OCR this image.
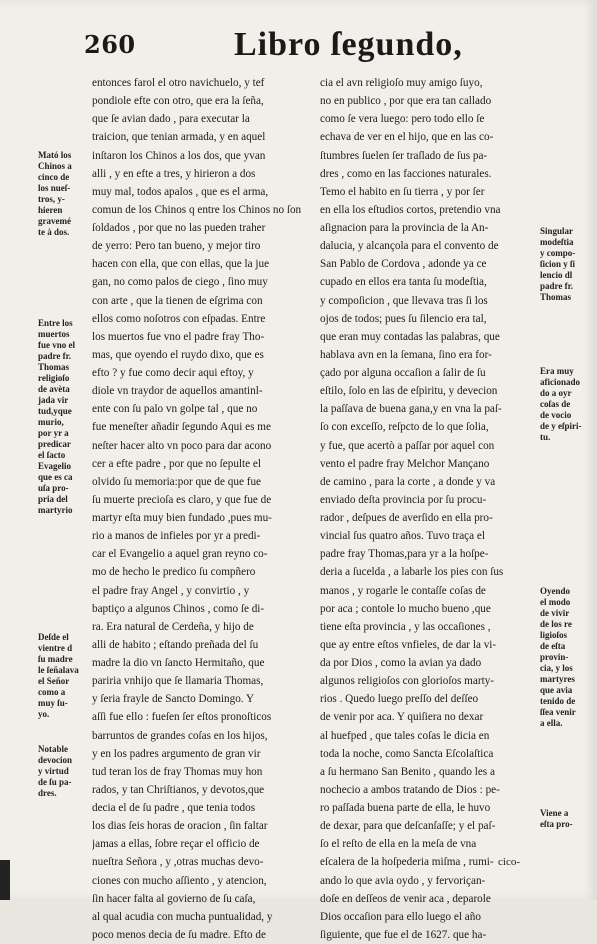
260	Libro ſegundo,
Mató los
Chinos a
cinco de
los nueſ-
tros, y-
hieren
gravemé
te à dos.
Entre los
muertos
fue vno el
padre fr.
Thomas
religioſo
de avèta
jada vir
tud,yque
murio,
por yr a
predicar
el ſacto
Evagelio
que es ca
uſa pro-
pria del
martyrio
Deſde el
vientre d
ſu madre
le ſeñalava
el Señor
como a
muy ſu-
yo.
Notable
devocion
y virtud
de ſu pa-
dres.
entonces farol el otro navichuelo, y tef
pondiole efte con otro, que era la ſeña,
que ſe avian dado , para executar la
traicion, que tenian armada, y en aquel
inſtaron los Chinos a los dos, que yvan
alli , y en efte a tres, y hirieron a dos
muy mal, todos apalos , que es el arma,
comun de los Chinos q entre los Chinos no ſon
ſoldados , por que no las pueden traher
de yerro: Pero tan bueno, y mejor tiro
hacen con ella, que con ellas, que la jue
gan, no como palos de ciego , ſino muy
con arte , que la tienen de eſgrima con
ellos como noſotros con eſpadas. Entre
los muertos fue vno el padre fray Tho-
mas, que oyendo el ruydo dixo, que es
efto ? y fue como decir aqui eftoy, y
diole vn traydor de aquellos amantinl-
ente con ſu palo vn golpe tal , que no
fue meneſter añadir ſegundo Aqui es me
neſter hacer alto vn poco para dar acono
cer a efte padre , por que no ſepulte el
olvido ſu memoria:por que de que fue
ſu muerte precioſa es claro, y que fue de
martyr eſta muy bien fundado ,pues mu-
rio a manos de infieles por yr a predi-
car el Evangelio a aquel gran reyno co-
mo de hecho le predico ſu compñero
el padre fray Angel , y convirtio , y
baptiço a algunos Chinos , como ſe di-
ra. Era natural de Cerdeña, y hijo de
alli de habito ; eſtando preñada del ſu
madre la dio vn ſancto Hermitaño, que
pariria vnhijo que ſe llamaria Thomas,
y ſeria frayle de Sancto Domingo. Y
aſſi fue ello : fueſen ſer eſtos pronoſticos
barruntos de grandes coſas en los hijos,
y en los padres argumento de gran vir
tud teran los de fray Thomas muy hon
rados, y tan Chriſtianos, y devotos,que
decia el de ſu padre , que tenia todos
los dias ſeis horas de oracion , ſin faltar
jamas a ellas, ſobre reçar el officio de
nueſtra Señora , y ,otras muchas devo-
ciones con mucho aſſiento , y atencion,
ſin hacer falta al govierno de ſu caſa,
al qual acudia con mucha puntualidad, y
poco menos decia de ſu madre. Efto de
cia el avn religioſo muy amigo ſuyo,
no en publico , por que era tan callado
como ſe vera luego: pero todo ello ſe
echava de ver en el hijo, que en las co-
ſtumbres ſuelen ſer traſlado de ſus pa-
dres , como en las facciones naturales.
Temo el habito en ſu tierra , y por ſer
en ella los eſtudios cortos, pretendio vna
aſignacion para la provincia de la An-
dalucia, y alcançola para el convento de
San Pablo de Cordova , adonde ya ce
cupado en ellos era tanta ſu modeſtia,
y compoſicion , que llevava tras ſi los
ojos de todos; pues ſu ſilencio era tal,
que eran muy contadas las palabras, que
hablava avn en la ſemana, ſino era for-
çado por alguna occaſion a ſalir de ſu
eſtilo, ſolo en las de eſpiritu, y devecion
la paſſava de buena gana,y en vna la paſ-
ſo con exceſſo, reſpcto de lo que ſolia,
y fue, que acertò a paſſar por aquel con
vento el padre fray Melchor Mançano
de camino , para la corte , a donde y va
enviado deſta provincia por ſu procu-
rador , deſpues de averſido en ella pro-
vincial ſus quatro años. Tuvo traça el
padre fray Thomas,para yr a la hoſpe-
deria a ſucelda , a labarle los pies con ſus
manos , y rogarle le contaſſe coſas de
por aca ; contole lo mucho bueno ,que
tiene eſta provincia , y las occaſiones ,
que ay entre eſtos vnfieles, de dar la vi-
da por Dios , como la avian ya dado
algunos religioſos con glorioſos marty-
rios . Quedo luego preſſo del deſſeo
de venir por aca. Y quiſiera no dexar
al huefped , que tales coſas le dicia en
toda la noche, como Sancta Eſcolaſtica
a ſu hermano San Benito , quando les a
nochecio a ambos tratando de Dios : pe-
ro paſſada buena parte de ella, le huvo
de dexar, para que deſcanſaſſe; y el paſ-
ſo el reſto de ella en la meſa de vna
eſcalera de la hoſpederia miſma , rumi-
ando lo que avia oydo , y fervoriçan-
doſe en deſſeos de venir aca , deparole
Dios occaſion para ello luego el año
ſiguiente, que fue el de 1627. que ha-
Singular
modeſtia
y compo-
ſicion y ſi
lencio dl
padre fr.
Thomas
Era muy
aficionado
do a oyr
coſas de
de vocio
de y eſpiri-
tu.
Oyendo
el modo
de vivir
de los re
ligioſos
de eſta
provin-
cia, y los
martyres
que avia
tenido de
ſſea venir
a ella.
Viene a
eſta pro-
cico-
